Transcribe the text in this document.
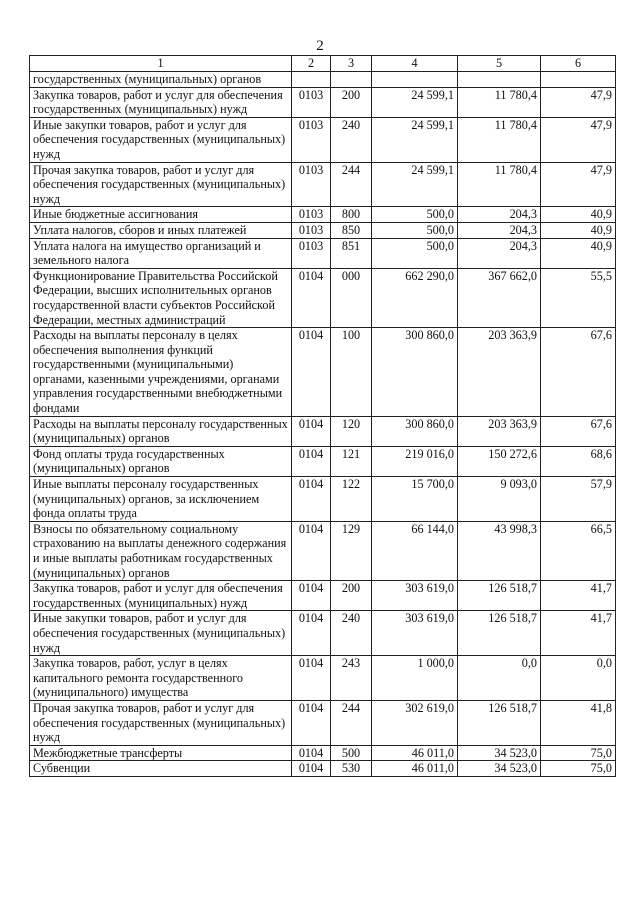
2
1	2	3	4	5	6
государственных (муниципальных) органов					
Закупка товаров, работ и услуг для обеспечения государственных (муниципальных) нужд	0103	200	24 599,1	11 780,4	47,9
Иные закупки товаров, работ и услуг для обеспечения государственных (муниципальных) нужд	0103	240	24 599,1	11 780,4	47,9
Прочая закупка товаров, работ и услуг для обеспечения государственных (муниципальных) нужд	0103	244	24 599,1	11 780,4	47,9
Иные бюджетные ассигнования	0103	800	500,0	204,3	40,9
Уплата налогов, сборов и иных платежей	0103	850	500,0	204,3	40,9
Уплата налога на имущество организаций и земельного налога	0103	851	500,0	204,3	40,9
Функционирование Правительства Российской Федерации, высших исполнительных органов государственной власти субъектов Российской Федерации, местных администраций	0104	000	662 290,0	367 662,0	55,5
Расходы на выплаты персоналу в целях обеспечения выполнения функций государственными (муниципальными) органами, казенными учреждениями, органами управления государственными внебюджетными фондами	0104	100	300 860,0	203 363,9	67,6
Расходы на выплаты персоналу государственных (муниципальных) органов	0104	120	300 860,0	203 363,9	67,6
Фонд оплаты труда государственных (муниципальных) органов	0104	121	219 016,0	150 272,6	68,6
Иные выплаты персоналу государственных (муниципальных) органов, за исключением фонда оплаты труда	0104	122	15 700,0	9 093,0	57,9
Взносы по обязательному социальному страхованию на выплаты денежного содержания и иные выплаты работникам государственных (муниципальных) органов	0104	129	66 144,0	43 998,3	66,5
Закупка товаров, работ и услуг для обеспечения государственных (муниципальных) нужд	0104	200	303 619,0	126 518,7	41,7
Иные закупки товаров, работ и услуг для обеспечения государственных (муниципальных) нужд	0104	240	303 619,0	126 518,7	41,7
Закупка товаров, работ, услуг в целях капитального ремонта государственного (муниципального) имущества	0104	243	1 000,0	0,0	0,0
Прочая закупка товаров, работ и услуг для обеспечения государственных (муниципальных) нужд	0104	244	302 619,0	126 518,7	41,8
Межбюджетные трансферты	0104	500	46 011,0	34 523,0	75,0
Субвенции	0104	530	46 011,0	34 523,0	75,0
